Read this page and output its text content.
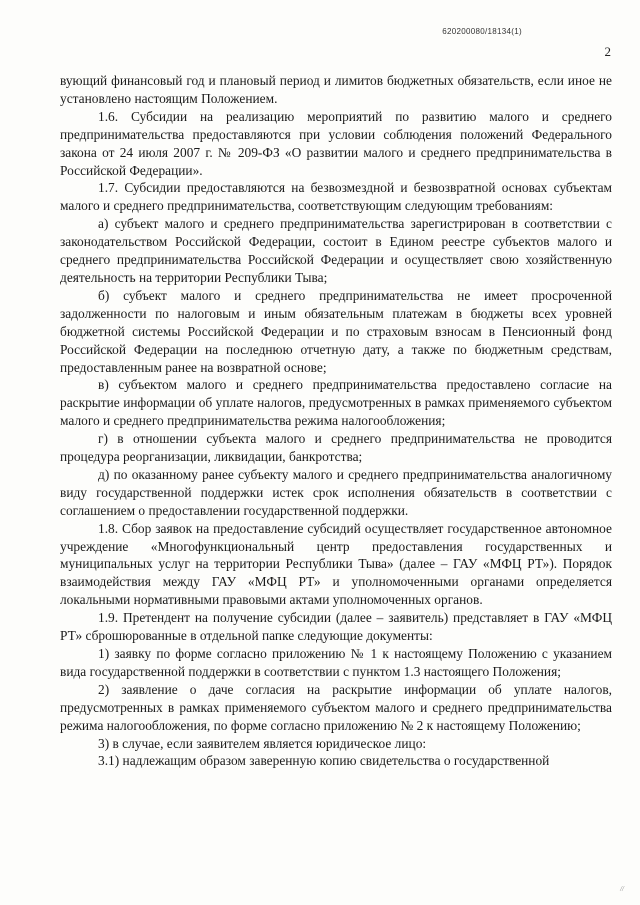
620200080/18134(1)
2

вующий финансовый год и плановый период и лимитов бюджетных обязательств, если иное не установлено настоящим Положением.

1.6. Субсидии на реализацию мероприятий по развитию малого и среднего предпринимательства предоставляются при условии соблюдения положений Федерального закона от 24 июля 2007 г. № 209-ФЗ «О развитии малого и среднего предпринимательства в Российской Федерации».

1.7. Субсидии предоставляются на безвозмездной и безвозвратной основах субъектам малого и среднего предпринимательства, соответствующим следующим требованиям:

а) субъект малого и среднего предпринимательства зарегистрирован в соответствии с законодательством Российской Федерации, состоит в Едином реестре субъектов малого и среднего предпринимательства Российской Федерации и осуществляет свою хозяйственную деятельность на территории Республики Тыва;

б) субъект малого и среднего предпринимательства не имеет просроченной задолженности по налоговым и иным обязательным платежам в бюджеты всех уровней бюджетной системы Российской Федерации и по страховым взносам в Пенсионный фонд Российской Федерации на последнюю отчетную дату, а также по бюджетным средствам, предоставленным ранее на возвратной основе;

в) субъектом малого и среднего предпринимательства предоставлено согласие на раскрытие информации об уплате налогов, предусмотренных в рамках применяемого субъектом малого и среднего предпринимательства режима налогообложения;

г) в отношении субъекта малого и среднего предпринимательства не проводится процедура реорганизации, ликвидации, банкротства;

д) по оказанному ранее субъекту малого и среднего предпринимательства аналогичному виду государственной поддержки истек срок исполнения обязательств в соответствии с соглашением о предоставлении государственной поддержки.

1.8. Сбор заявок на предоставление субсидий осуществляет государственное автономное учреждение «Многофункциональный центр предоставления государственных и муниципальных услуг на территории Республики Тыва» (далее – ГАУ «МФЦ РТ»). Порядок взаимодействия между ГАУ «МФЦ РТ» и уполномоченными органами определяется локальными нормативными правовыми актами уполномоченных органов.

1.9. Претендент на получение субсидии (далее – заявитель) представляет в ГАУ «МФЦ РТ» сброшюрованные в отдельной папке следующие документы:

1) заявку по форме согласно приложению № 1 к настоящему Положению с указанием вида государственной поддержки в соответствии с пунктом 1.3 настоящего Положения;

2) заявление о даче согласия на раскрытие информации об уплате налогов, предусмотренных в рамках применяемого субъектом малого и среднего предпринимательства режима налогообложения, по форме согласно приложению № 2 к настоящему Положению;

3) в случае, если заявителем является юридическое лицо:

3.1) надлежащим образом заверенную копию свидетельства о государственной

//
